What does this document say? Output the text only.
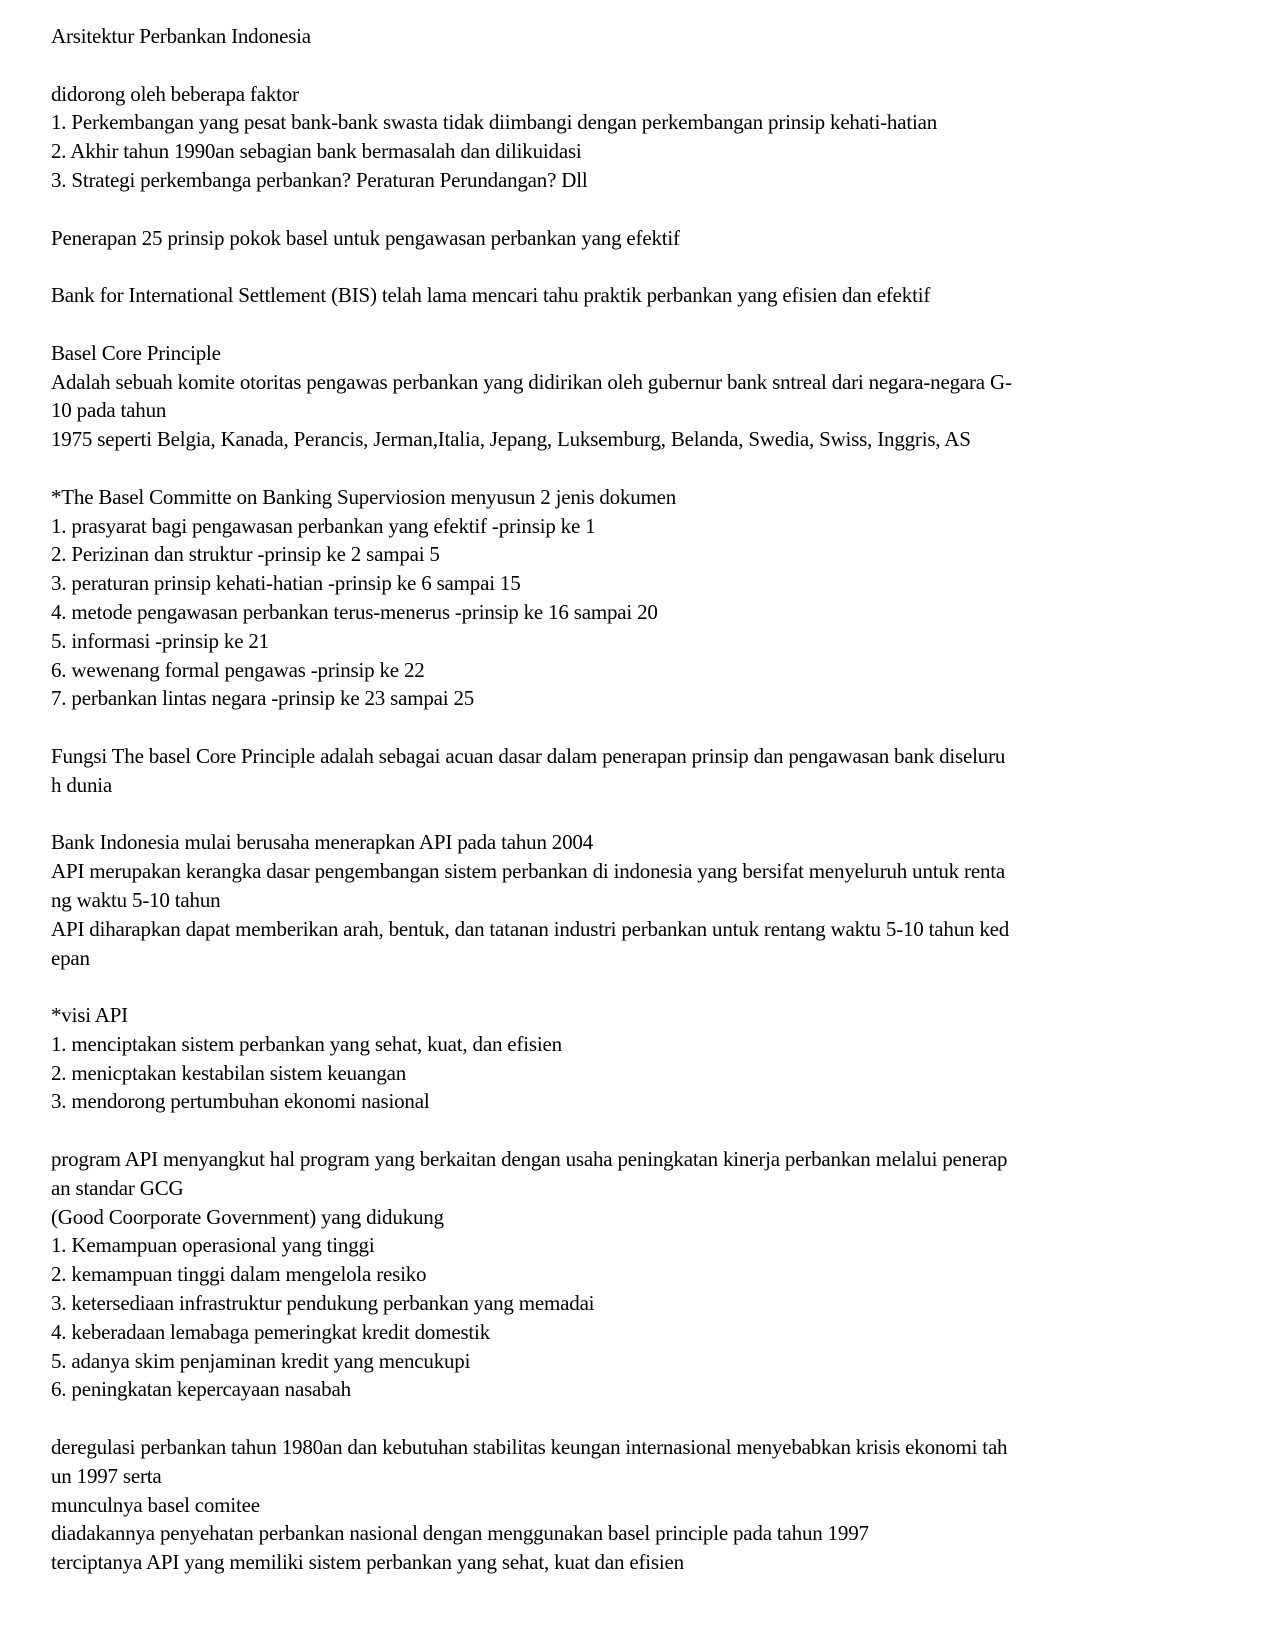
Arsitektur Perbankan Indonesia

didorong oleh beberapa faktor
1. Perkembangan yang pesat bank-bank swasta tidak diimbangi dengan perkembangan prinsip kehati-hatian
2. Akhir tahun 1990an sebagian bank bermasalah dan dilikuidasi
3. Strategi perkembanga perbankan? Peraturan Perundangan? Dll

Penerapan 25 prinsip pokok basel untuk pengawasan perbankan yang efektif

Bank for International Settlement (BIS) telah lama mencari tahu praktik perbankan yang efisien dan efektif

Basel Core Principle
Adalah sebuah komite otoritas pengawas perbankan yang didirikan oleh gubernur bank sntreal dari negara-negara G-
10 pada tahun
1975 seperti Belgia, Kanada, Perancis, Jerman,Italia, Jepang, Luksemburg, Belanda, Swedia, Swiss, Inggris, AS

*The Basel Committe on Banking Superviosion menyusun 2 jenis dokumen
1. prasyarat bagi pengawasan perbankan yang efektif -prinsip ke 1
2. Perizinan dan struktur -prinsip ke 2 sampai 5
3. peraturan prinsip kehati-hatian -prinsip ke 6 sampai 15
4. metode pengawasan perbankan terus-menerus -prinsip ke 16 sampai 20
5. informasi -prinsip ke 21
6. wewenang formal pengawas -prinsip ke 22
7. perbankan lintas negara -prinsip ke 23 sampai 25

Fungsi The basel Core Principle adalah sebagai acuan dasar dalam penerapan prinsip dan pengawasan bank diseluru
h dunia

Bank Indonesia mulai berusaha menerapkan API pada tahun 2004
API merupakan kerangka dasar pengembangan sistem perbankan di indonesia yang bersifat menyeluruh untuk renta
ng waktu 5-10 tahun
API diharapkan dapat memberikan arah, bentuk, dan tatanan industri perbankan untuk rentang waktu 5-10 tahun ked
epan

*visi API
1. menciptakan sistem perbankan yang sehat, kuat, dan efisien
2. menicptakan kestabilan sistem keuangan
3. mendorong pertumbuhan ekonomi nasional

program API menyangkut hal program yang berkaitan dengan usaha peningkatan kinerja perbankan melalui penerap
an standar GCG
(Good Coorporate Government) yang didukung
1. Kemampuan operasional yang tinggi
2. kemampuan tinggi dalam mengelola resiko
3. ketersediaan infrastruktur pendukung perbankan yang memadai
4. keberadaan lemabaga pemeringkat kredit domestik
5. adanya skim penjaminan kredit yang mencukupi
6. peningkatan kepercayaan nasabah

deregulasi perbankan tahun 1980an dan kebutuhan stabilitas keungan internasional menyebabkan krisis ekonomi tah
un 1997 serta
munculnya basel comitee
diadakannya penyehatan perbankan nasional dengan menggunakan basel principle pada tahun 1997
terciptanya API yang memiliki sistem perbankan yang sehat, kuat dan efisien
